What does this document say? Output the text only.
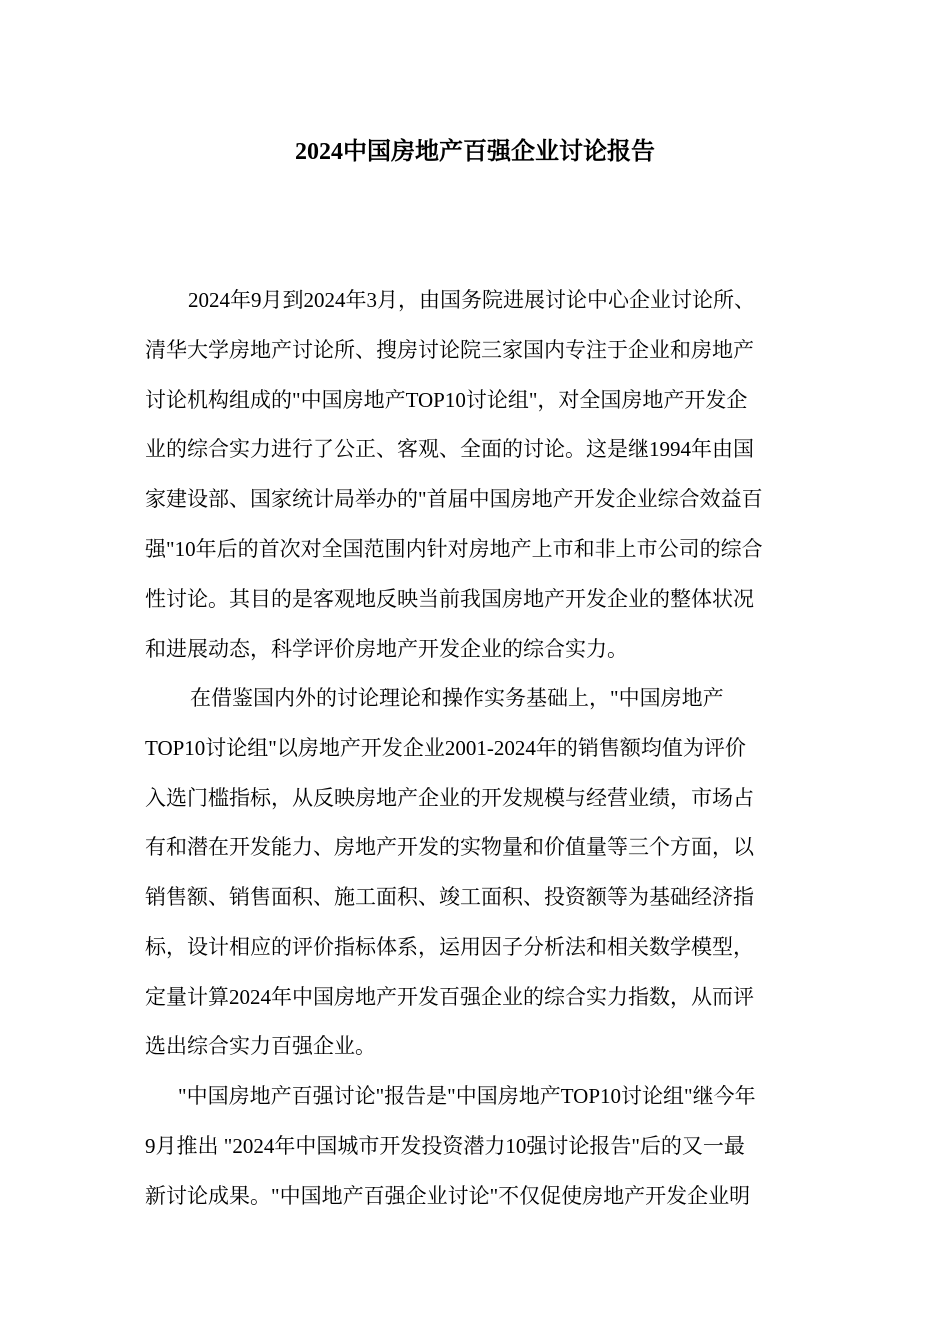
2024中国房地产百强企业讨论报告

2024年9月到2024年3月，由国务院进展讨论中心企业讨论所、

清华大学房地产讨论所、搜房讨论院三家国内专注于企业和房地产

讨论机构组成的"中国房地产TOP10讨论组"，对全国房地产开发企

业的综合实力进行了公正、客观、全面的讨论。这是继1994年由国

家建设部、国家统计局举办的"首届中国房地产开发企业综合效益百

强"10年后的首次对全国范围内针对房地产上市和非上市公司的综合

性讨论。其目的是客观地反映当前我国房地产开发企业的整体状况

和进展动态，科学评价房地产开发企业的综合实力。

在借鉴国内外的讨论理论和操作实务基础上，"中国房地产

TOP10讨论组"以房地产开发企业2001-2024年的销售额均值为评价

入选门槛指标，从反映房地产企业的开发规模与经营业绩，市场占

有和潜在开发能力、房地产开发的实物量和价值量等三个方面，以

销售额、销售面积、施工面积、竣工面积、投资额等为基础经济指

标，设计相应的评价指标体系，运用因子分析法和相关数学模型，

定量计算2024年中国房地产开发百强企业的综合实力指数，从而评

选出综合实力百强企业。

"中国房地产百强讨论"报告是"中国房地产TOP10讨论组"继今年

9月推出 "2024年中国城市开发投资潜力10强讨论报告"后的又一最

新讨论成果。"中国地产百强企业讨论"不仅促使房地产开发企业明
